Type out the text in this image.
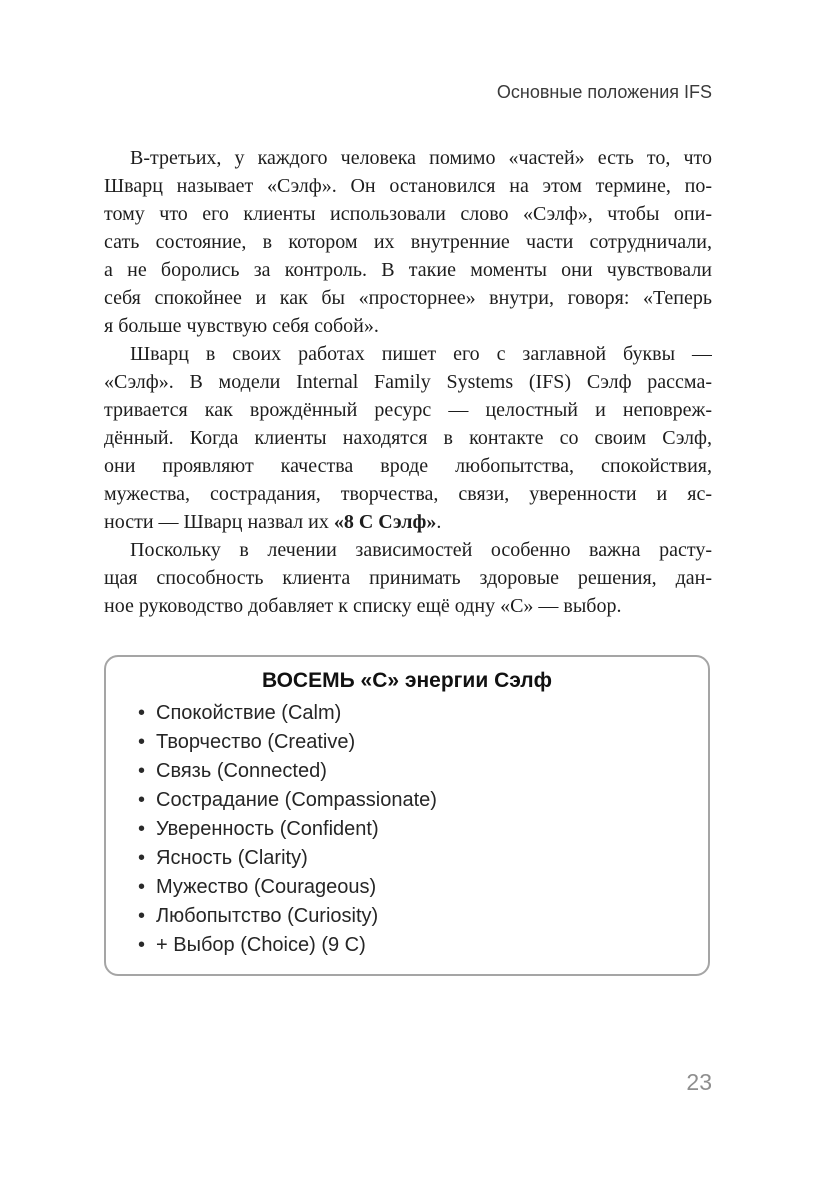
Основные положения IFS
В-третьих, у каждого человека помимо «частей» есть то, что
Шварц называет «Сэлф». Он остановился на этом термине, по-
тому что его клиенты использовали слово «Сэлф», чтобы опи-
сать состояние, в котором их внутренние части сотрудничали,
а не боролись за контроль. В такие моменты они чувствовали
себя спокойнее и как бы «просторнее» внутри, говоря: «Теперь
я больше чувствую себя собой».
Шварц в своих работах пишет его с заглавной буквы —
«Сэлф». В модели Internal Family Systems (IFS) Сэлф рассма-
тривается как врождённый ресурс — целостный и неповреж-
дённый. Когда клиенты находятся в контакте со своим Сэлф,
они проявляют качества вроде любопытства, спокойствия,
мужества, сострадания, творчества, связи, уверенности и яс-
ности — Шварц назвал их «8 С Сэлф».
Поскольку в лечении зависимостей особенно важна расту-
щая способность клиента принимать здоровые решения, дан-
ное руководство добавляет к списку ещё одну «С» — выбор.
ВОСЕМЬ «С» энергии Сэлф
• Спокойствие (Calm)
• Творчество (Creative)
• Связь (Connected)
• Сострадание (Compassionate)
• Уверенность (Confident)
• Ясность (Clarity)
• Мужество (Courageous)
• Любопытство (Curiosity)
• + Выбор (Choice) (9 C)
23
